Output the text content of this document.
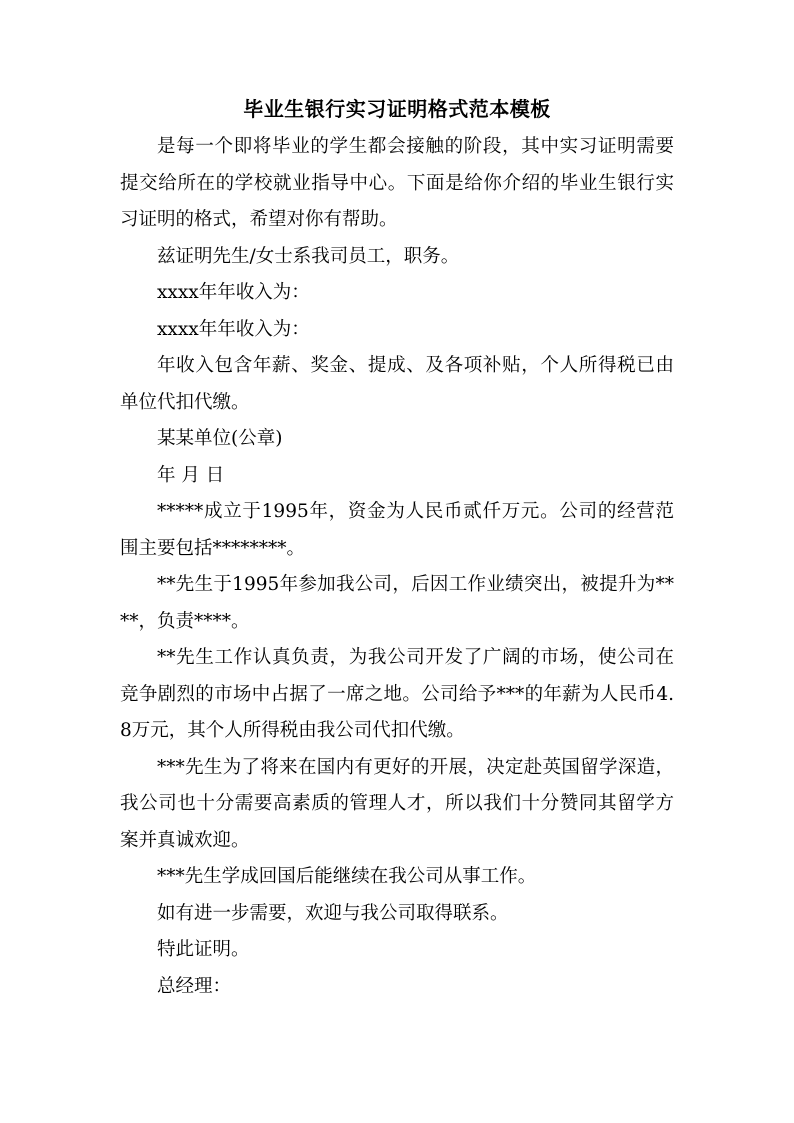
毕业生银行实习证明格式范本模板

是每一个即将毕业的学生都会接触的阶段，其中实习证明需要提交给所在的学校就业指导中心。下面是给你介绍的毕业生银行实习证明的格式，希望对你有帮助。

兹证明先生/女士系我司员工，职务。

xxxx年年收入为：

xxxx年年收入为：

年收入包含年薪、奖金、提成、及各项补贴，个人所得税已由单位代扣代缴。

某某单位(公章)

年 月 日

*****成立于1995年，资金为人民币贰仟万元。公司的经营范围主要包括********。

**先生于1995年参加我公司，后因工作业绩突出，被提升为****，负责****。

**先生工作认真负责，为我公司开发了广阔的市场，使公司在竞争剧烈的市场中占据了一席之地。公司给予***的年薪为人民币4.8万元，其个人所得税由我公司代扣代缴。

***先生为了将来在国内有更好的开展，决定赴英国留学深造，我公司也十分需要高素质的管理人才，所以我们十分赞同其留学方案并真诚欢迎。

***先生学成回国后能继续在我公司从事工作。

如有进一步需要，欢迎与我公司取得联系。

特此证明。

总经理：
